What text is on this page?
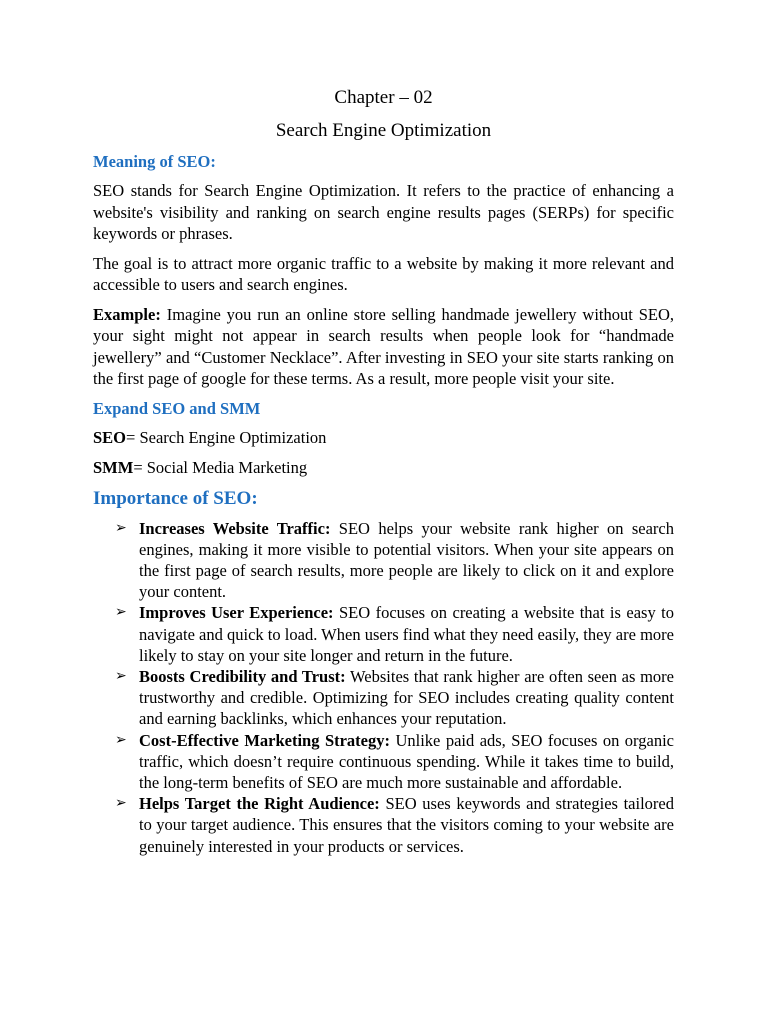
Chapter – 02
Search Engine Optimization
Meaning of SEO:

SEO stands for Search Engine Optimization. It refers to the practice of enhancing a website's visibility and ranking on search engine results pages (SERPs) for specific keywords or phrases.

The goal is to attract more organic traffic to a website by making it more relevant and accessible to users and search engines.

Example: Imagine you run an online store selling handmade jewellery without SEO, your sight might not appear in search results when people look for “handmade jewellery” and “Customer Necklace”. After investing in SEO your site starts ranking on the first page of google for these terms. As a result, more people visit your site.

Expand SEO and SMM

SEO= Search Engine Optimization

SMM= Social Media Marketing

Importance of SEO:
➢ Increases Website Traffic: SEO helps your website rank higher on search engines, making it more visible to potential visitors. When your site appears on the first page of search results, more people are likely to click on it and explore your content.
➢ Improves User Experience: SEO focuses on creating a website that is easy to navigate and quick to load. When users find what they need easily, they are more likely to stay on your site longer and return in the future.
➢ Boosts Credibility and Trust: Websites that rank higher are often seen as more trustworthy and credible. Optimizing for SEO includes creating quality content and earning backlinks, which enhances your reputation.
➢ Cost-Effective Marketing Strategy: Unlike paid ads, SEO focuses on organic traffic, which doesn’t require continuous spending. While it takes time to build, the long-term benefits of SEO are much more sustainable and affordable.
➢ Helps Target the Right Audience: SEO uses keywords and strategies tailored to your target audience. This ensures that the visitors coming to your website are genuinely interested in your products or services.
